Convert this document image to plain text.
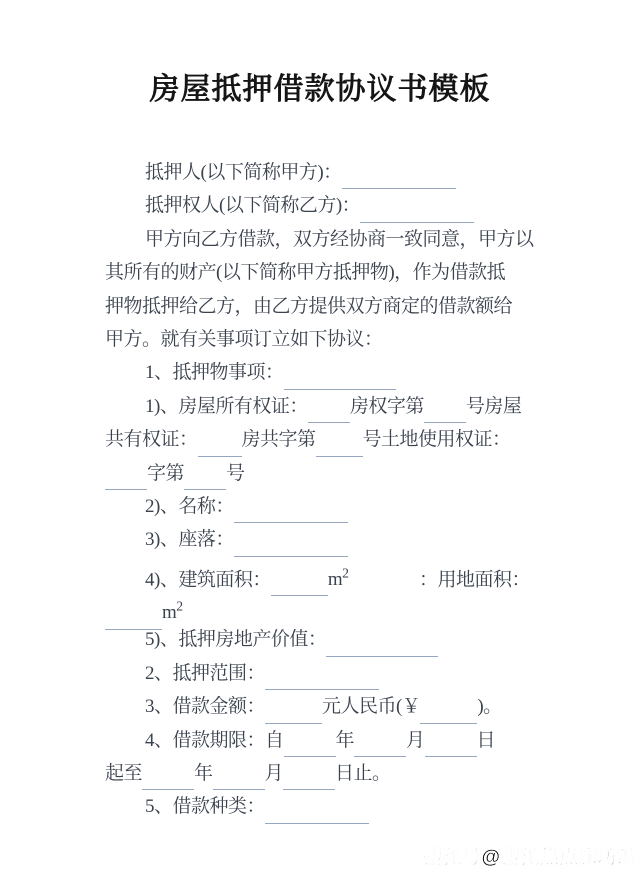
房屋抵押借款协议书模板
抵押人(以下简称甲方)：
抵押权人(以下简称乙方)：
甲方向乙方借款，双方经协商一致同意，甲方以
其所有的财产(以下简称甲方抵押物)，作为借款抵
押物抵押给乙方，由乙方提供双方商定的借款额给
甲方。就有关事项订立如下协议：
1、抵押物事项：
1)、房屋所有权证： 房权字第 号房屋
共有权证： 房共字第 号土地使用权证：
字第 号
2)、名称：
3)、座落：
4)、建筑面积：	$m^2$	：用地面积：
$m^2$
5)、抵押房地产价值：
2、抵押范围：
3、借款金额：	元人民币(￥	)。
4、借款期限：自	年	月	日
起至	年	月	日止。
5、借款种类：
搜狐号@搜狐焦点廊坊站
